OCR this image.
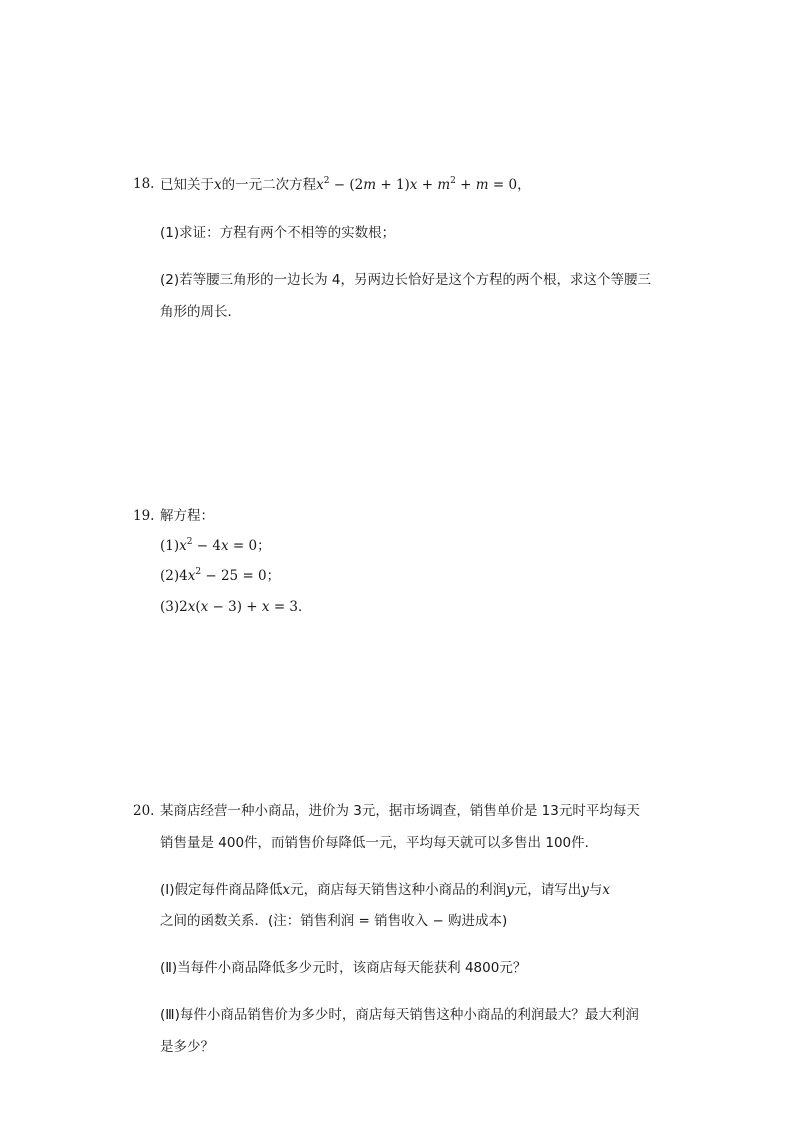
18. 已知关于x的一元二次方程$x^2 - (2m + 1)x + m^2 + m = 0$，
(1)求证：方程有两个不相等的实数根；
(2)若等腰三角形的一边长为 4，另两边长恰好是这个方程的两个根，求这个等腰三
角形的周长．
19. 解方程：
$(1)x^2 - 4x = 0$；
$(2)4x^2 - 25 = 0$；
(3)2x(x − 3) + x = 3．
20. 某商店经营一种小商品，进价为 3元，据市场调查，销售单价是 13元时平均每天
销售量是 400件，而销售价每降低一元，平均每天就可以多售出 100件．
(Ⅰ)假定每件商品降低x元，商店每天销售这种小商品的利润y元，请写出y与x
之间的函数关系．(注：销售利润 = 销售收入 − 购进成本)
(Ⅱ)当每件小商品降低多少元时，该商店每天能获利 4800元？
(Ⅲ)每件小商品销售价为多少时，商店每天销售这种小商品的利润最大？最大利润
是多少？
